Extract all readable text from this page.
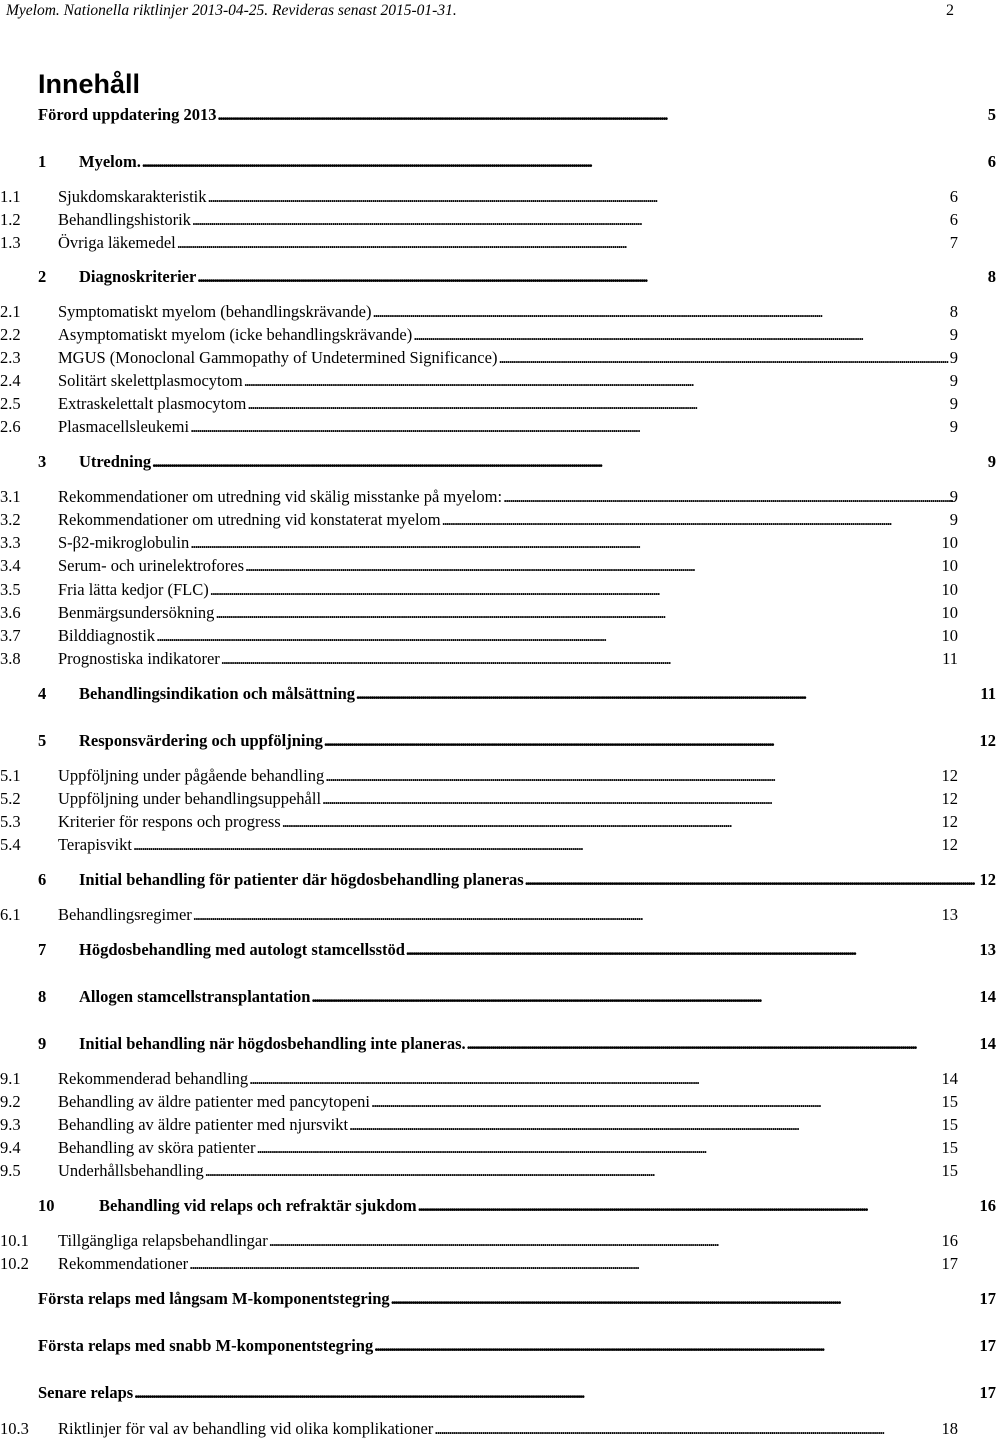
Myelom. Nationella riktlinjer 2013-04-25. Revideras senast 2015-01-31.	2
Innehåll
Förord uppdatering 2013 . . .	5
1	Myelom. . . .	6
1.1	Sjukdomskarakteristik . . .	6
1.2	Behandlingshistorik . . .	6
1.3	Övriga läkemedel . . .	7
2	Diagnoskriterier . . .	8
2.1	Symptomatiskt myelom (behandlingskrävande) . . .	8
2.2	Asymptomatiskt myelom (icke behandlingskrävande) . . .	9
2.3	MGUS (Monoclonal Gammopathy of Undetermined Significance) . . .	9
2.4	Solitärt skelettplasmocytom . . .	9
2.5	Extraskelettalt plasmocytom . . .	9
2.6	Plasmacellsleukemi . . .	9
3	Utredning . . .	9
3.1	Rekommendationer om utredning vid skälig misstanke på myelom: . . .	9
3.2	Rekommendationer om utredning vid konstaterat myelom . . .	9
3.3	S-β2-mikroglobulin . . .	10
3.4	Serum- och urinelektrofores . . .	10
3.5	Fria lätta kedjor (FLC) . . .	10
3.6	Benmärgsundersökning . . .	10
3.7	Bilddiagnostik . . .	10
3.8	Prognostiska indikatorer . . .	11
4	Behandlingsindikation och målsättning . . .	11
5	Responsvärdering och uppföljning . . .	12
5.1	Uppföljning under pågående behandling . . .	12
5.2	Uppföljning under behandlingsuppehåll . . .	12
5.3	Kriterier för respons och progress . . .	12
5.4	Terapisvikt . . .	12
6	Initial behandling för patienter där högdosbehandling planeras . . .	12
6.1	Behandlingsregimer . . .	13
7	Högdosbehandling med autologt stamcellsstöd . . .	13
8	Allogen stamcellstransplantation . . .	14
9	Initial behandling när högdosbehandling inte planeras. . . .	14
9.1	Rekommenderad behandling . . .	14
9.2	Behandling av äldre patienter med pancytopeni . . .	15
9.3	Behandling av äldre patienter med njursvikt . . .	15
9.4	Behandling av sköra patienter . . .	15
9.5	Underhållsbehandling . . .	15
10	Behandling vid relaps och refraktär sjukdom . . .	16
10.1	Tillgängliga relapsbehandlingar . . .	16
10.2	Rekommendationer . . .	17
Första relaps med långsam M-komponentstegring . . .	17
Första relaps med snabb M-komponentstegring . . .	17
Senare relaps . . .	17
10.3	Riktlinjer för val av behandling vid olika komplikationer . . .	18
